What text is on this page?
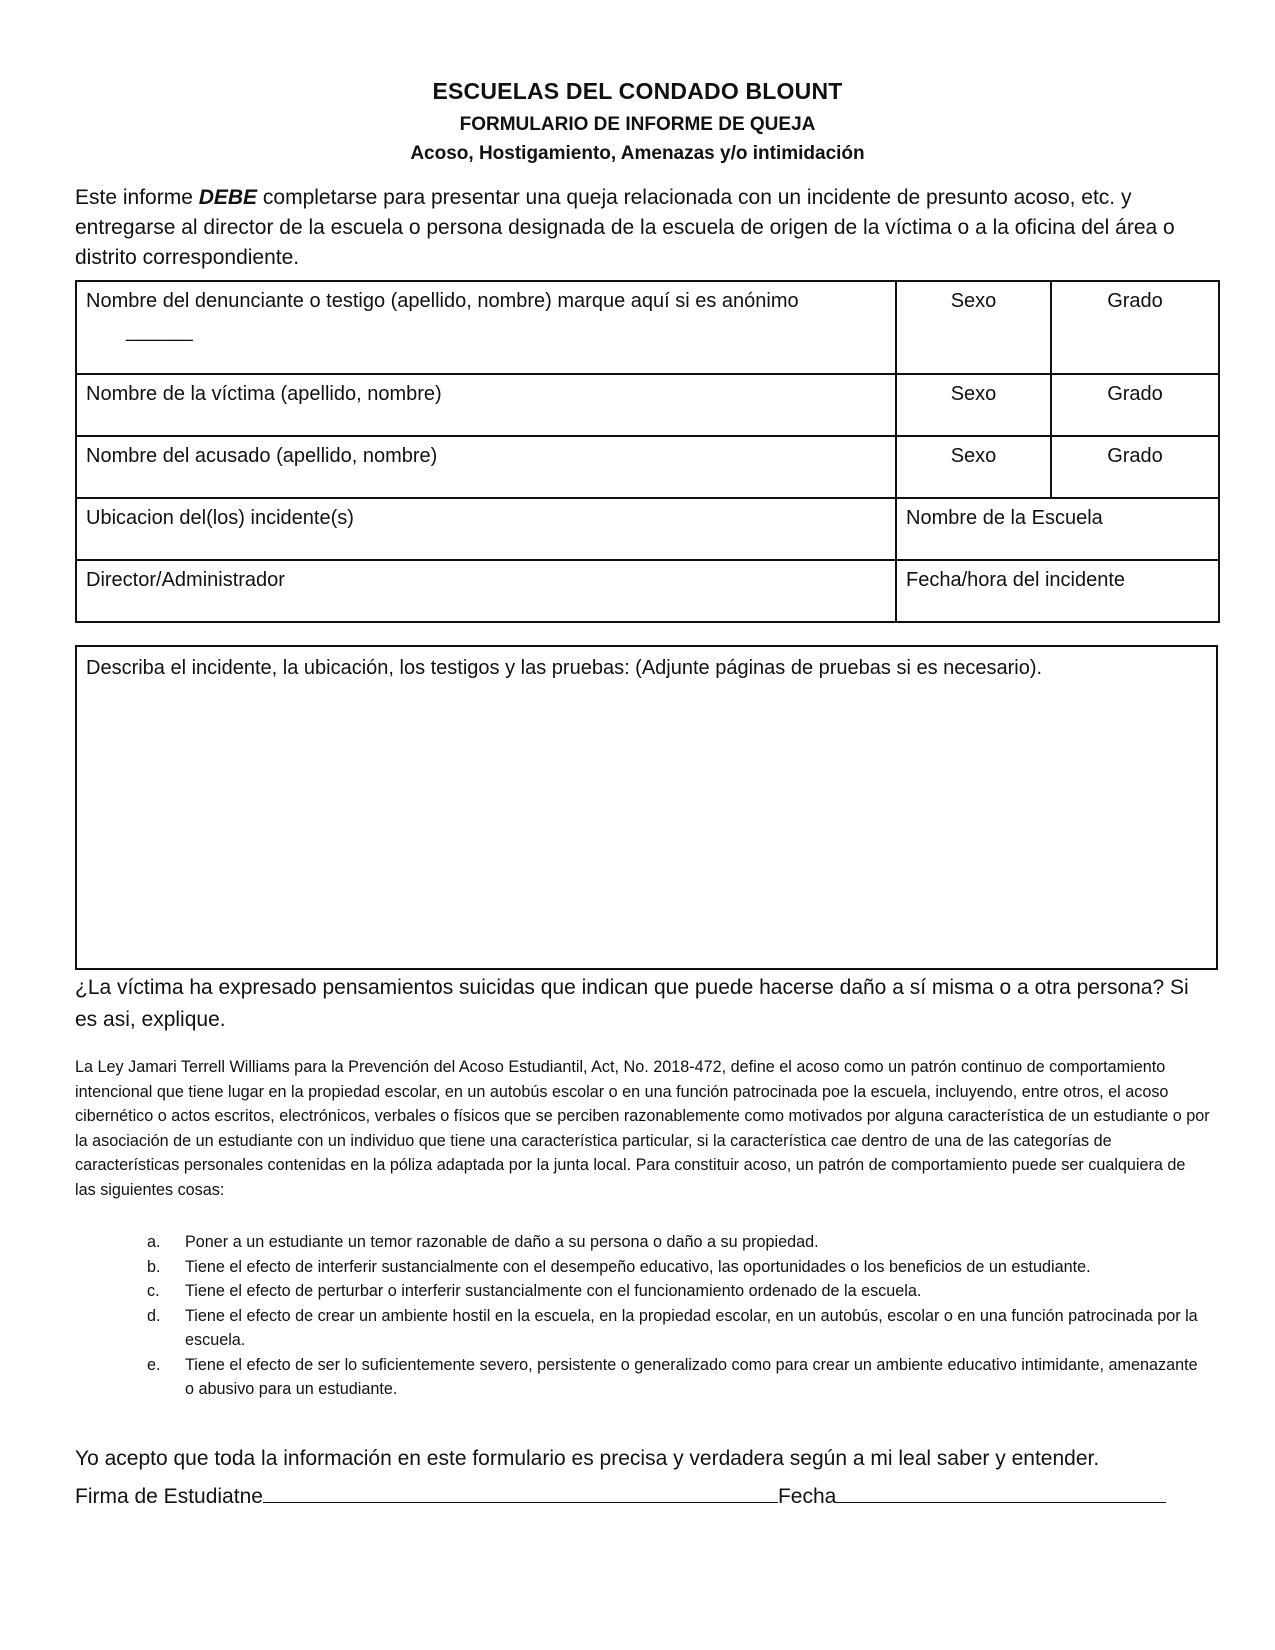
ESCUELAS DEL CONDADO BLOUNT
FORMULARIO DE INFORME DE QUEJA
Acoso, Hostigamiento, Amenazas y/o intimidación

Este informe DEBE completarse para presentar una queja relacionada con un incidente de presunto acoso, etc. y entregarse al director de la escuela o persona designada de la escuela de origen de la víctima o a la oficina del área o distrito correspondiente.

Nombre del denunciante o testigo (apellido, nombre) marque aquí si es anónimo______	Sexo	Grado
Nombre de la víctima (apellido, nombre)	Sexo	Grado
Nombre del acusado (apellido, nombre)	Sexo	Grado
Ubicacion del(los) incidente(s)	Nombre de la Escuela	
Director/Administrador	Fecha/hora del incidente	
Describa el incidente, la ubicación, los testigos y las pruebas: (Adjunte páginas de pruebas si es necesario).
¿La víctima ha expresado pensamientos suicidas que indican que puede hacerse daño a sí misma o a otra persona? Si es asi, explique.
La Ley Jamari Terrell Williams para la Prevención del Acoso Estudiantil, Act, No. 2018-472, define el acoso como un patrón continuo de comportamiento intencional que tiene lugar en la propiedad escolar, en un autobús escolar o en una función patrocinada poe la escuela, incluyendo, entre otros, el acoso cibernético o actos escritos, electrónicos, verbales o físicos que se perciben razonablemente como motivados por alguna característica de un estudiante o por la asociación de un estudiante con un individuo que tiene una característica particular, si la característica cae dentro de una de las categorías de características personales contenidas en la póliza adaptada por la junta local. Para constituir acoso, un patrón de comportamiento puede ser cualquiera de las siguientes cosas:
a.	Poner a un estudiante un temor razonable de daño a su persona o daño a su propiedad.
b.	Tiene el efecto de interferir sustancialmente con el desempeño educativo, las oportunidades o los beneficios de un estudiante.
c.	Tiene el efecto de perturbar o interferir sustancialmente con el funcionamiento ordenado de la escuela.
d.	Tiene el efecto de crear un ambiente hostil en la escuela, en la propiedad escolar, en un autobús, escolar o en una función patrocinada por la escuela.
e.	Tiene el efecto de ser lo suficientemente severo, persistente o generalizado como para crear un ambiente educativo intimidante, amenazante o abusivo para un estudiante.
Yo acepto que toda la información en este formulario es precisa y verdadera según a mi leal saber y entender.
Firma de Estudiatne	Fecha
